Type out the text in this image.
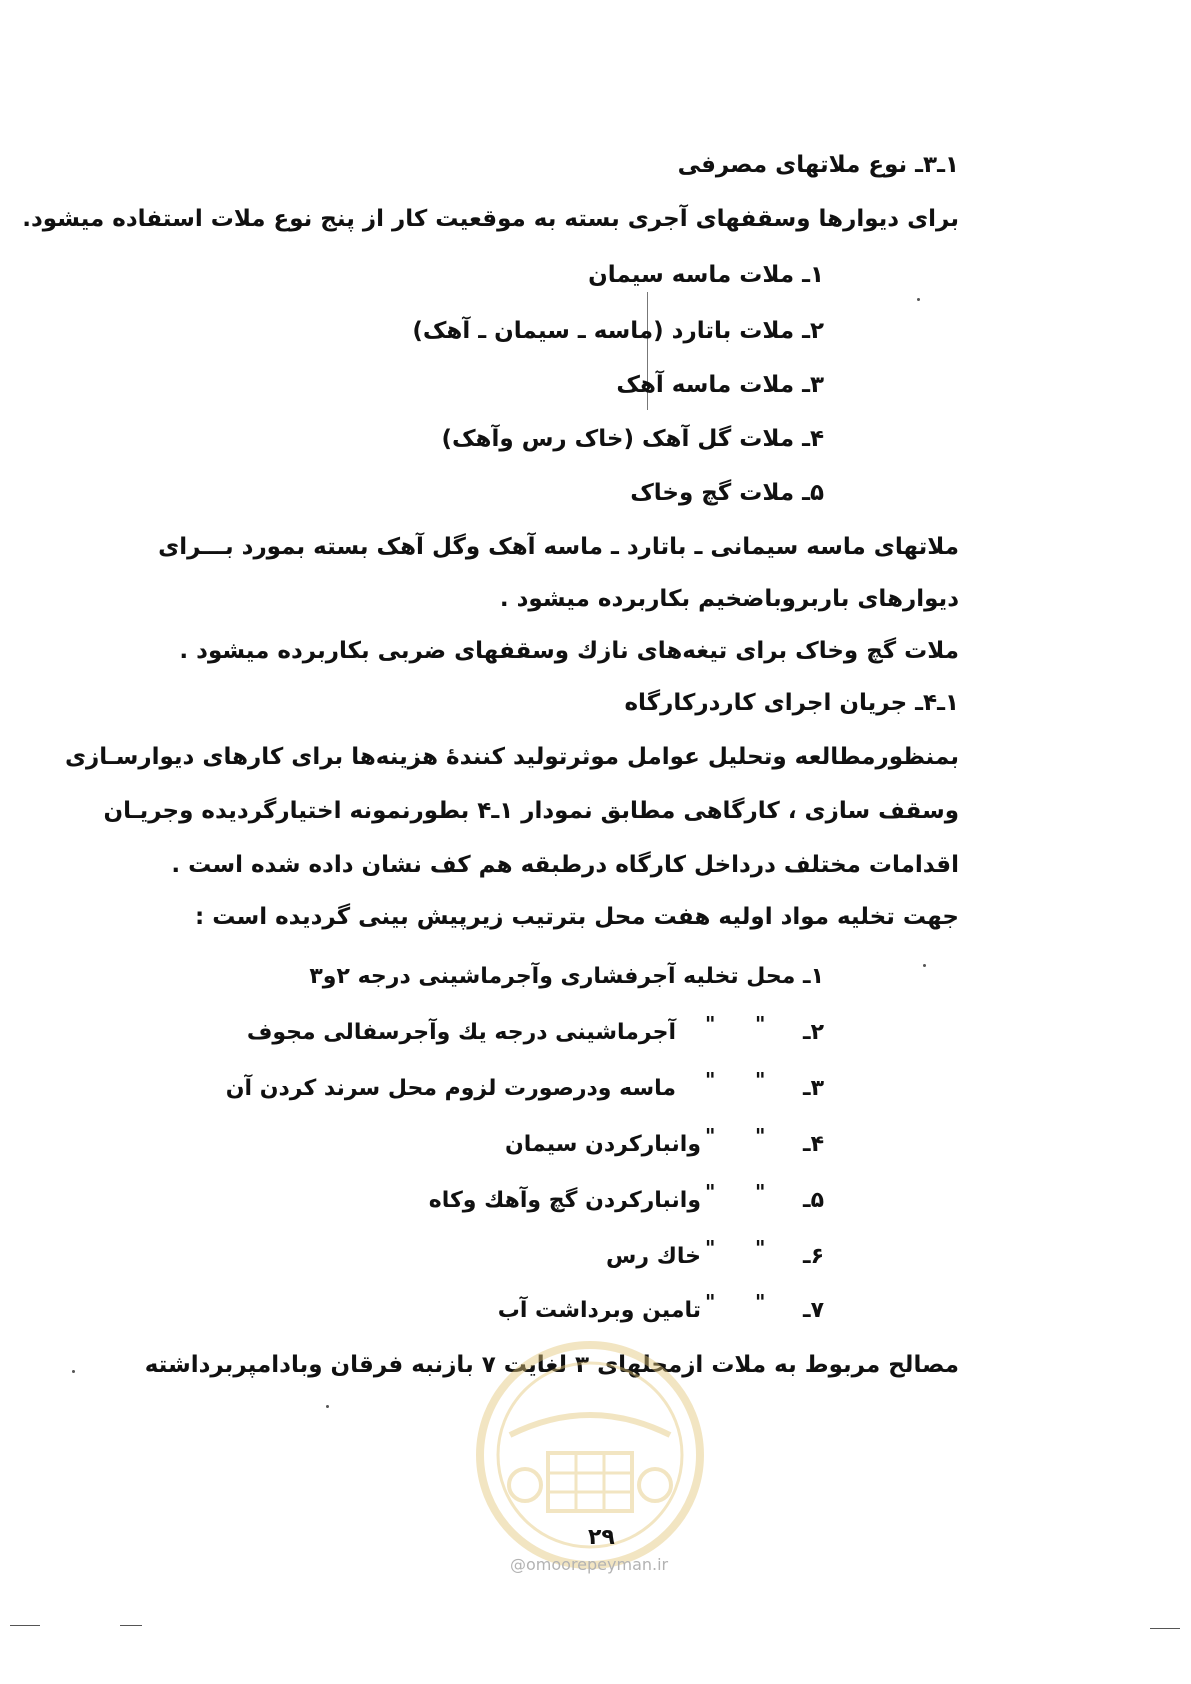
۱ـ۳ـ نوع ملاتهای مصرفی
برای دیوارها وسقفهای آجری بسته به موقعیت کار از پنج نوع ملات استفاده میشود.
۱ـ ملات ماسه سیمان
۲ـ ملات باتارد (ماسه ـ سیمان ـ آهک)
۳ـ ملات ماسه آهک
۴ـ ملات گل آهک (خاک رس وآهک)
۵ـ ملات گچ وخاک
ملاتهای ماسه سیمانی ـ باتارد ـ ماسه آهک وگل آهک بسته بمورد بـــرای
دیوارهای باربروباضخیم بکاربرده میشود .
ملات گچ وخاک برای تیغه‌های نازك وسقفهای ضربی بکاربرده میشود .
۱ـ۴ـ جریان اجرای کاردرکارگاه
بمنظورمطالعه وتحلیل عوامل موثرتولید کنندهٔ هزینه‌ها برای کارهای دیوارسـازی
وسقف سازی ، کارگاهی مطابق نمودار ۱ـ۴ بطورنمونه اختیارگردیده وجریـان
اقدامات مختلف درداخل کارگاه درطبقه هم کف نشان داده شده است .
جهت تخلیه مواد اولیه هفت محل بترتیب زیرپیش بینی گردیده است :
۱ـ محل تخلیه آجرفشاری وآجرماشینی درجه ۲و۳
۲ـ
"
"
آجرماشینی درجه یك وآجرسفالی مجوف
۳ـ
"
"
ماسه ودرصورت لزوم محل سرند کردن آن
۴ـ
"
"
وانبارکردن سیمان
۵ـ
"
"
وانبارکردن گچ وآهك وکاه
۶ـ
"
"
خاك رس
۷ـ
"
"
تامین وبرداشت آب
مصالح مربوط به ملات ازمحلهای ۳ لغایت ۷ بازنبه فرقان وبادامپربرداشته
@omoorepeyman.ir
۲۹
